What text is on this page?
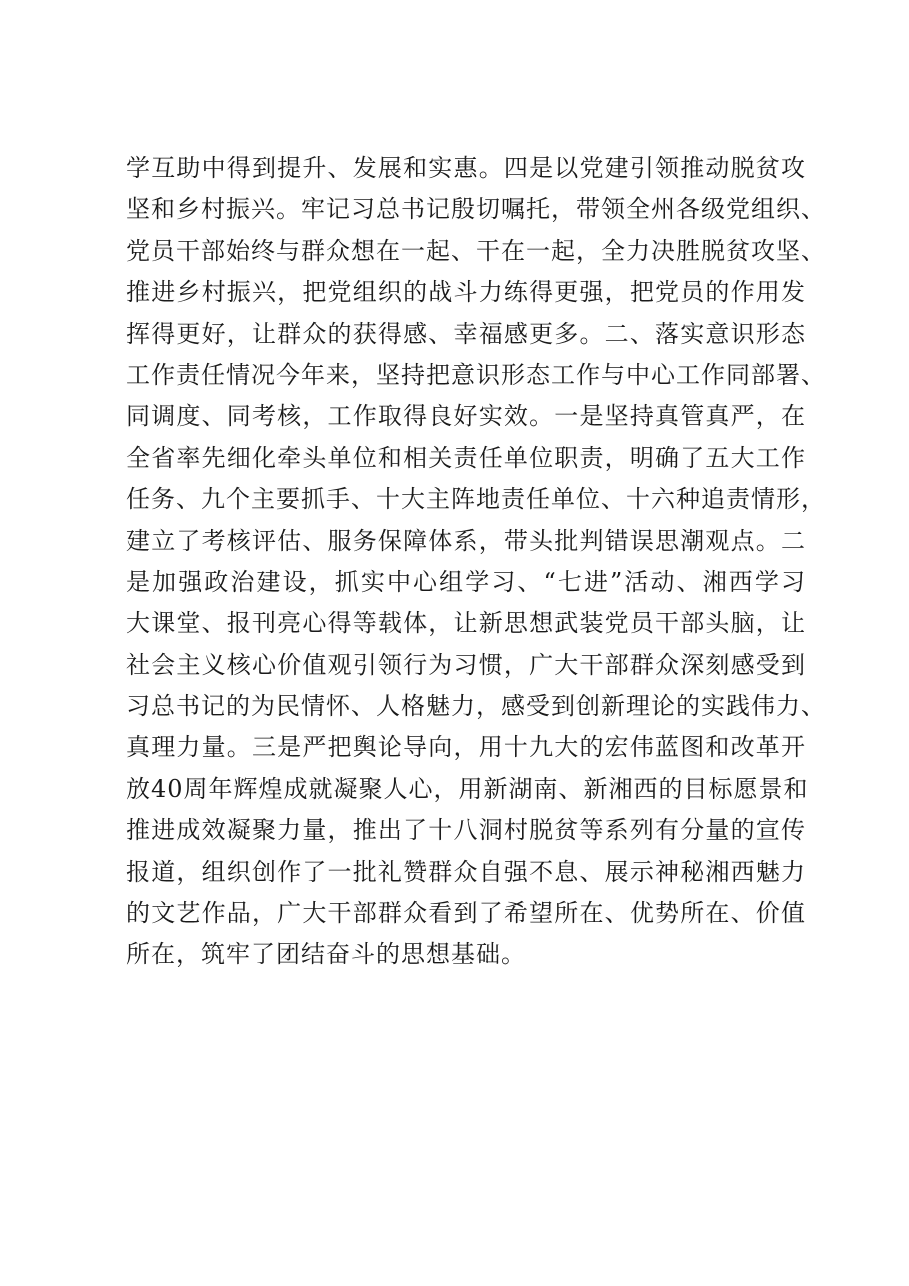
学互助中得到提升、发展和实惠。四是以党建引领推动脱贫攻
坚和乡村振兴。牢记习总书记殷切嘱托，带领全州各级党组织、
党员干部始终与群众想在一起、干在一起，全力决胜脱贫攻坚、
推进乡村振兴，把党组织的战斗力练得更强，把党员的作用发
挥得更好，让群众的获得感、幸福感更多。二、落实意识形态
工作责任情况今年来，坚持把意识形态工作与中心工作同部署、
同调度、同考核，工作取得良好实效。一是坚持真管真严，在
全省率先细化牵头单位和相关责任单位职责，明确了五大工作
任务、九个主要抓手、十大主阵地责任单位、十六种追责情形，
建立了考核评估、服务保障体系，带头批判错误思潮观点。二
是加强政治建设，抓实中心组学习、“七进”活动、湘西学习
大课堂、报刊亮心得等载体，让新思想武装党员干部头脑，让
社会主义核心价值观引领行为习惯，广大干部群众深刻感受到
习总书记的为民情怀、人格魅力，感受到创新理论的实践伟力、
真理力量。三是严把舆论导向，用十九大的宏伟蓝图和改革开
放40周年辉煌成就凝聚人心，用新湖南、新湘西的目标愿景和
推进成效凝聚力量，推出了十八洞村脱贫等系列有分量的宣传
报道，组织创作了一批礼赞群众自强不息、展示神秘湘西魅力
的文艺作品，广大干部群众看到了希望所在、优势所在、价值
所在，筑牢了团结奋斗的思想基础。
